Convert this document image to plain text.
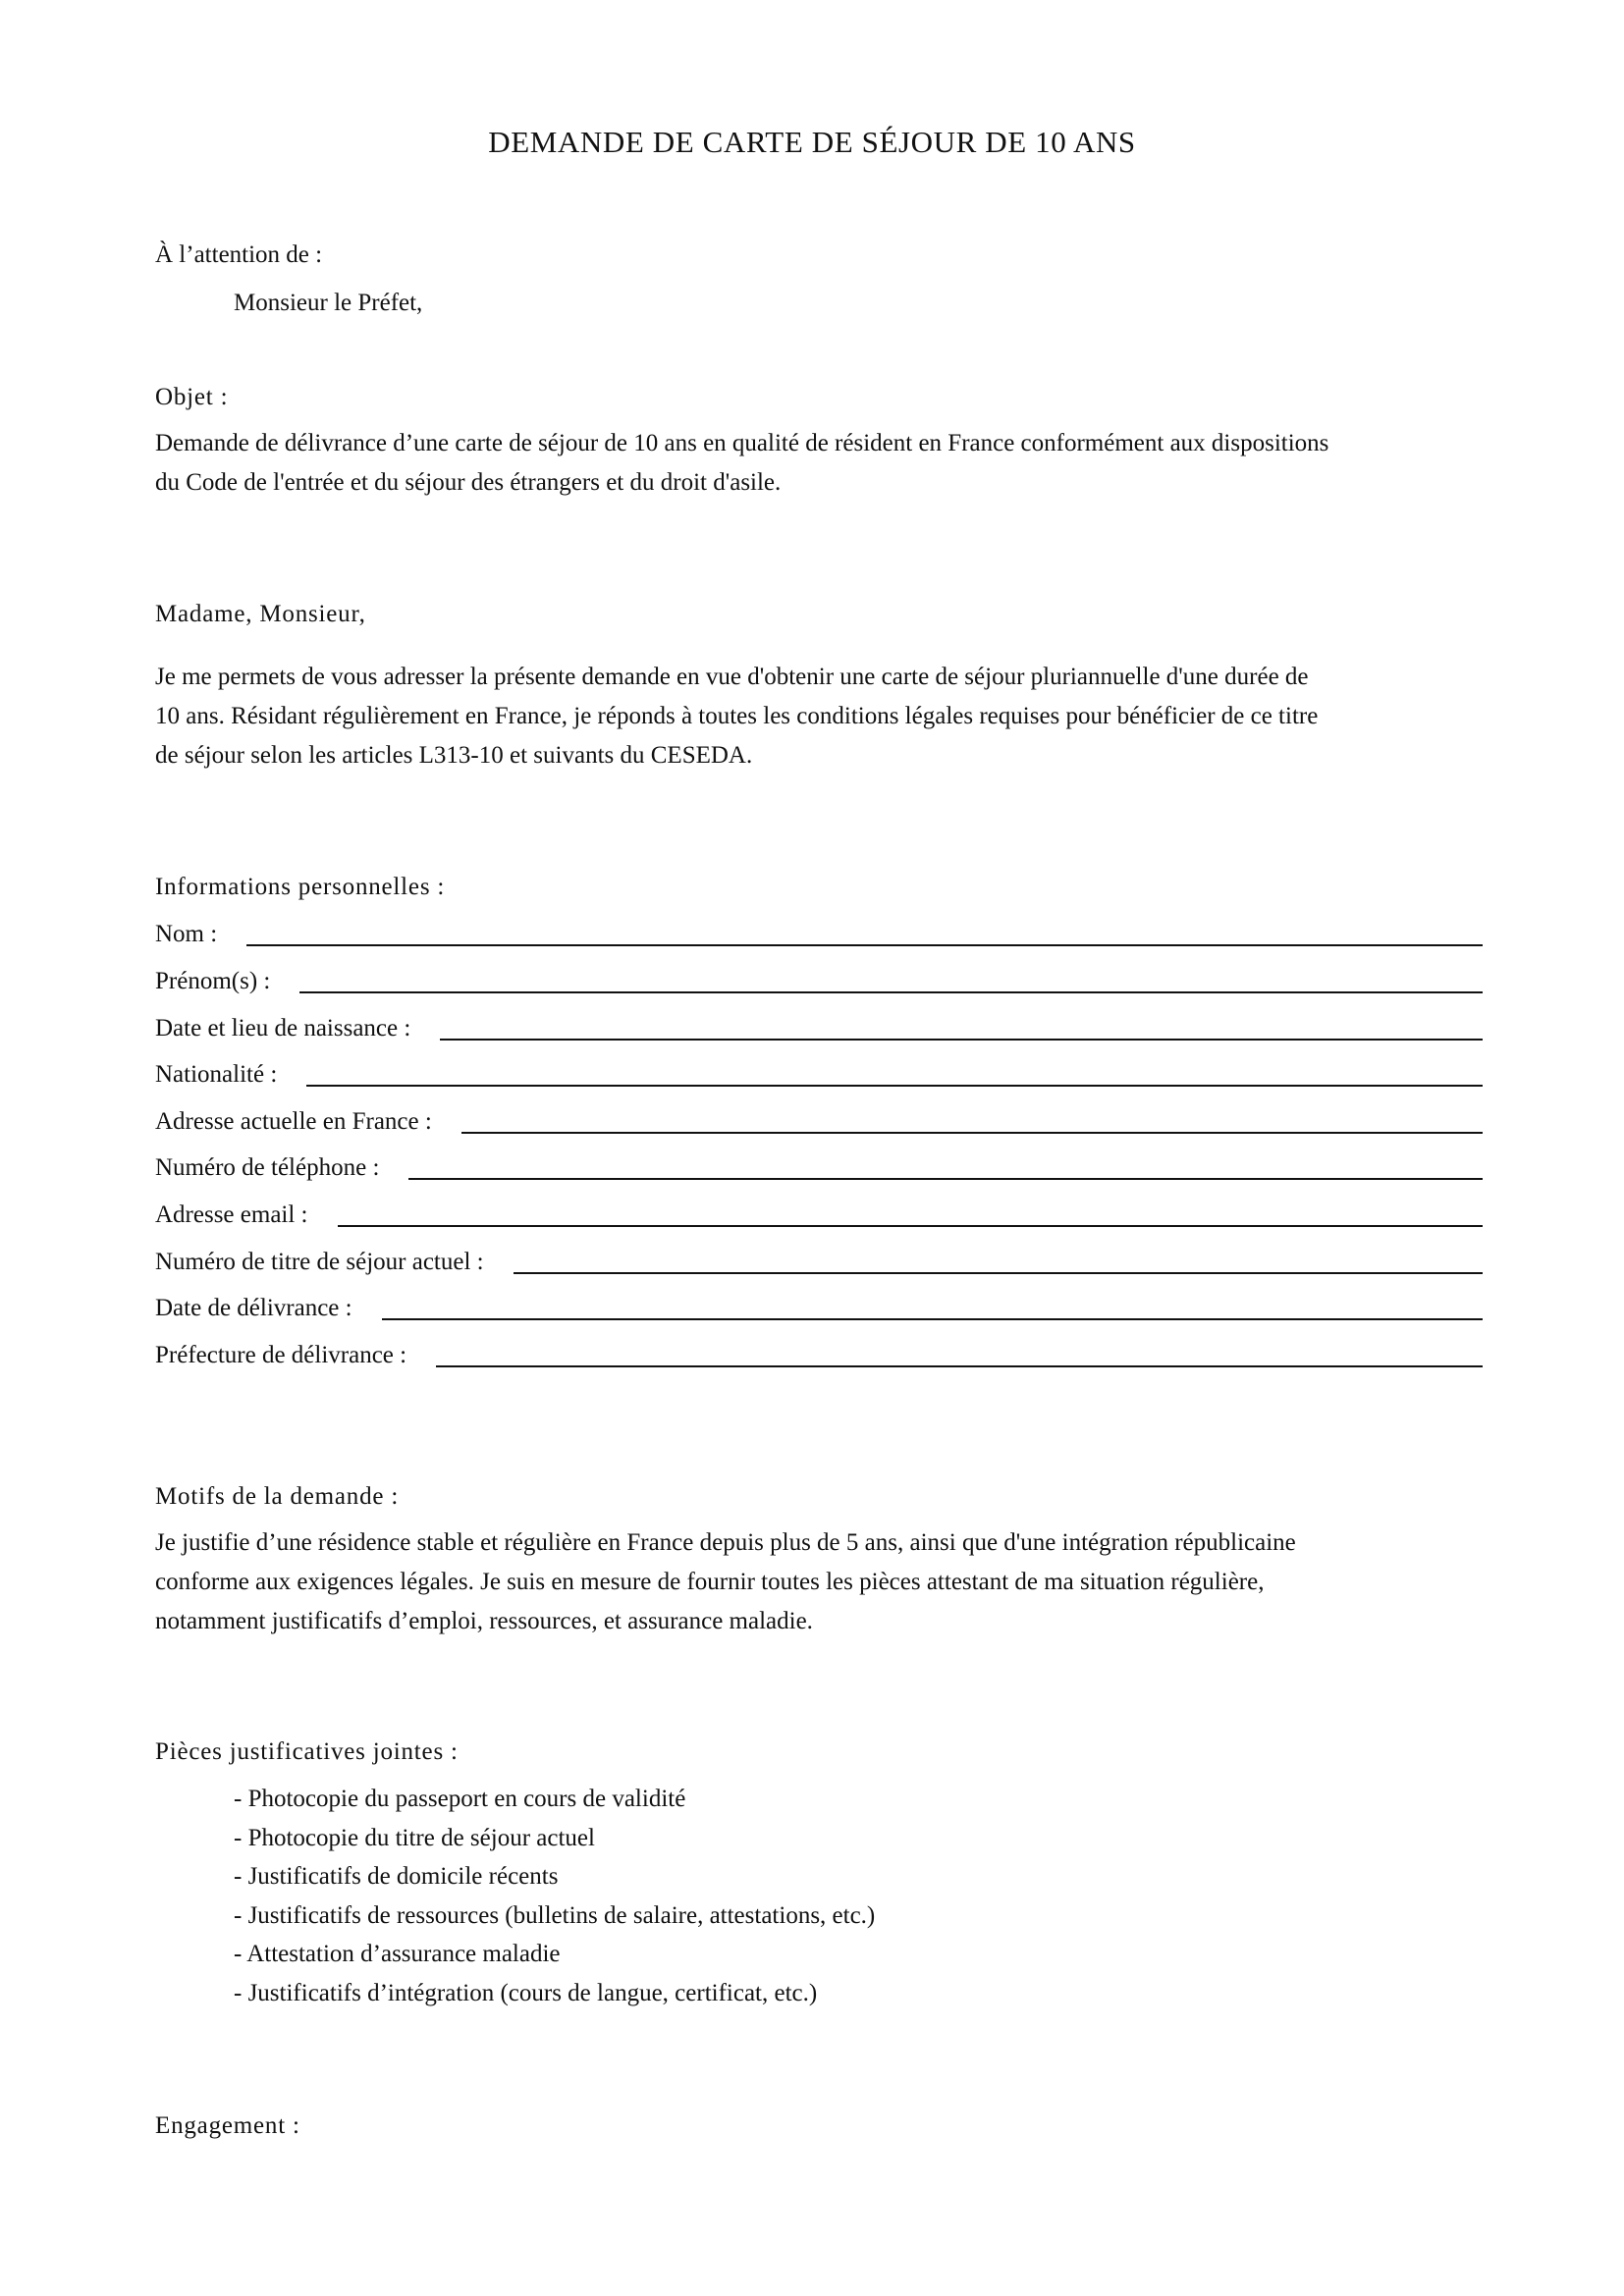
DEMANDE DE CARTE DE SÉJOUR DE 10 ANS
À l’attention de :
Monsieur le Préfet,
Objet :

Demande de délivrance d’une carte de séjour de 10 ans en qualité de résident en France conformément aux dispositions

du Code de l'entrée et du séjour des étrangers et du droit d'asile.

Madame, Monsieur,

Je me permets de vous adresser la présente demande en vue d'obtenir une carte de séjour pluriannuelle d'une durée de

10 ans. Résidant régulièrement en France, je réponds à toutes les conditions légales requises pour bénéficier de ce titre

de séjour selon les articles L313-10 et suivants du CESEDA.

Informations personnelles :
Nom :
Prénom(s) :
Date et lieu de naissance :
Nationalité :
Adresse actuelle en France :
Numéro de téléphone :
Adresse email :
Numéro de titre de séjour actuel :
Date de délivrance :
Préfecture de délivrance :
Motifs de la demande :

Je justifie d’une résidence stable et régulière en France depuis plus de 5 ans, ainsi que d'une intégration républicaine

conforme aux exigences légales. Je suis en mesure de fournir toutes les pièces attestant de ma situation régulière,

notamment justificatifs d’emploi, ressources, et assurance maladie.

Pièces justificatives jointes :
- Photocopie du passeport en cours de validité
- Photocopie du titre de séjour actuel
- Justificatifs de domicile récents
- Justificatifs de ressources (bulletins de salaire, attestations, etc.)
- Attestation d’assurance maladie
- Justificatifs d’intégration (cours de langue, certificat, etc.)
Engagement :
